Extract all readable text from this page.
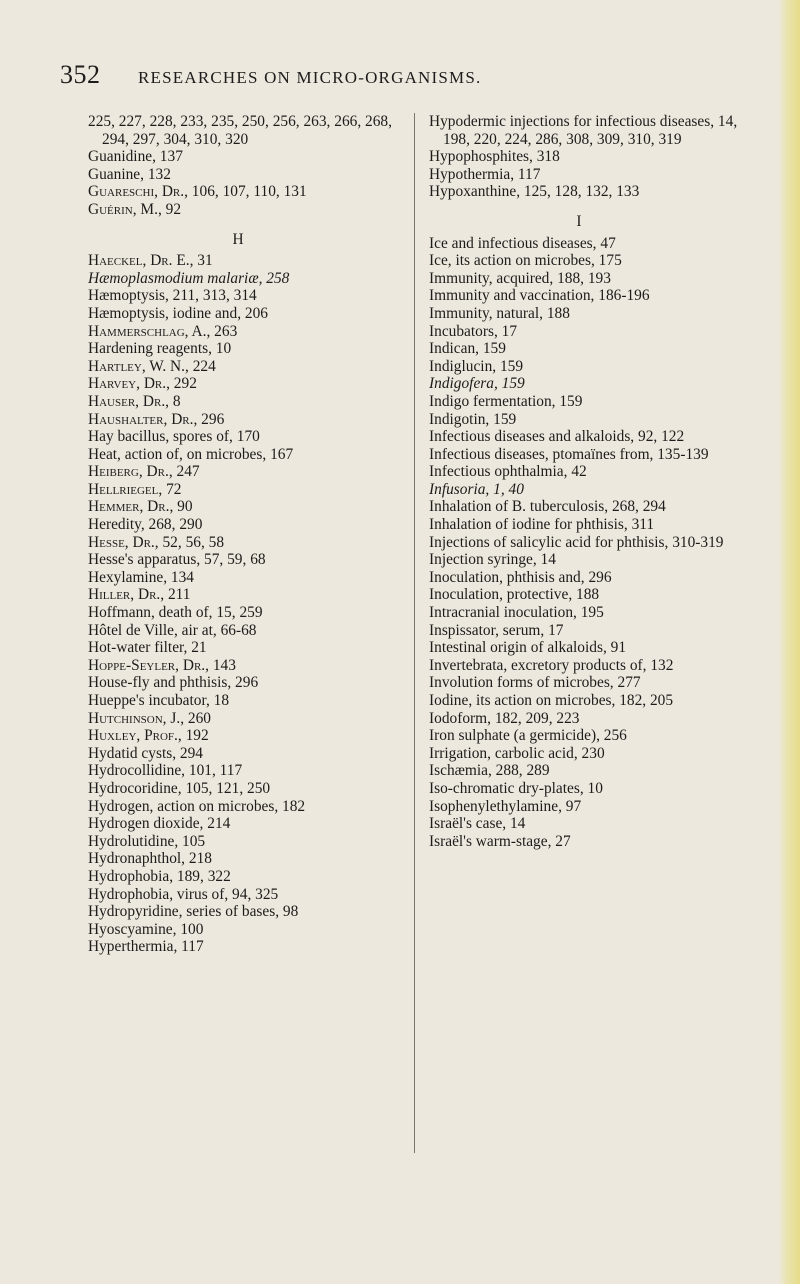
352 RESEARCHES ON MICRO-ORGANISMS.
225, 227, 228, 233, 235, 250, 256, 263, 266, 268, 294, 297, 304, 310, 320
Guanidine, 137
Guanine, 132
Guareschi, Dr., 106, 107, 110, 131
Guérin, M., 92
H
Haeckel, Dr. E., 31
Hæmoplasmodium malariæ, 258
Hæmoptysis, 211, 313, 314
Hæmoptysis, iodine and, 206
Hammerschlag, A., 263
Hardening reagents, 10
Hartley, W. N., 224
Harvey, Dr., 292
Hauser, Dr., 8
Haushalter, Dr., 296
Hay bacillus, spores of, 170
Heat, action of, on microbes, 167
Heiberg, Dr., 247
Hellriegel, 72
Hemmer, Dr., 90
Heredity, 268, 290
Hesse, Dr., 52, 56, 58
Hesse's apparatus, 57, 59, 68
Hexylamine, 134
Hiller, Dr., 211
Hoffmann, death of, 15, 259
Hôtel de Ville, air at, 66-68
Hot-water filter, 21
Hoppe-Seyler, Dr., 143
House-fly and phthisis, 296
Hueppe's incubator, 18
Hutchinson, J., 260
Huxley, Prof., 192
Hydatid cysts, 294
Hydrocollidine, 101, 117
Hydrocoridine, 105, 121, 250
Hydrogen, action on microbes, 182
Hydrogen dioxide, 214
Hydrolutidine, 105
Hydronaphthol, 218
Hydrophobia, 189, 322
Hydrophobia, virus of, 94, 325
Hydropyridine, series of bases, 98
Hyoscyamine, 100
Hyperthermia, 117
Hypodermic injections for infectious diseases, 14, 198, 220, 224, 286, 308, 309, 310, 319
Hypophosphites, 318
Hypothermia, 117
Hypoxanthine, 125, 128, 132, 133
I
Ice and infectious diseases, 47
Ice, its action on microbes, 175
Immunity, acquired, 188, 193
Immunity and vaccination, 186-196
Immunity, natural, 188
Incubators, 17
Indican, 159
Indiglucin, 159
Indigofera, 159
Indigo fermentation, 159
Indigotin, 159
Infectious diseases and alkaloids, 92, 122
Infectious diseases, ptomaïnes from, 135-139
Infectious ophthalmia, 42
Infusoria, 1, 40
Inhalation of B. tuberculosis, 268, 294
Inhalation of iodine for phthisis, 311
Injections of salicylic acid for phthisis, 310-319
Injection syringe, 14
Inoculation, phthisis and, 296
Inoculation, protective, 188
Intracranial inoculation, 195
Inspissator, serum, 17
Intestinal origin of alkaloids, 91
Invertebrata, excretory products of, 132
Involution forms of microbes, 277
Iodine, its action on microbes, 182, 205
Iodoform, 182, 209, 223
Iron sulphate (a germicide), 256
Irrigation, carbolic acid, 230
Ischæmia, 288, 289
Iso-chromatic dry-plates, 10
Isophenylethylamine, 97
Israël's case, 14
Israël's warm-stage, 27
